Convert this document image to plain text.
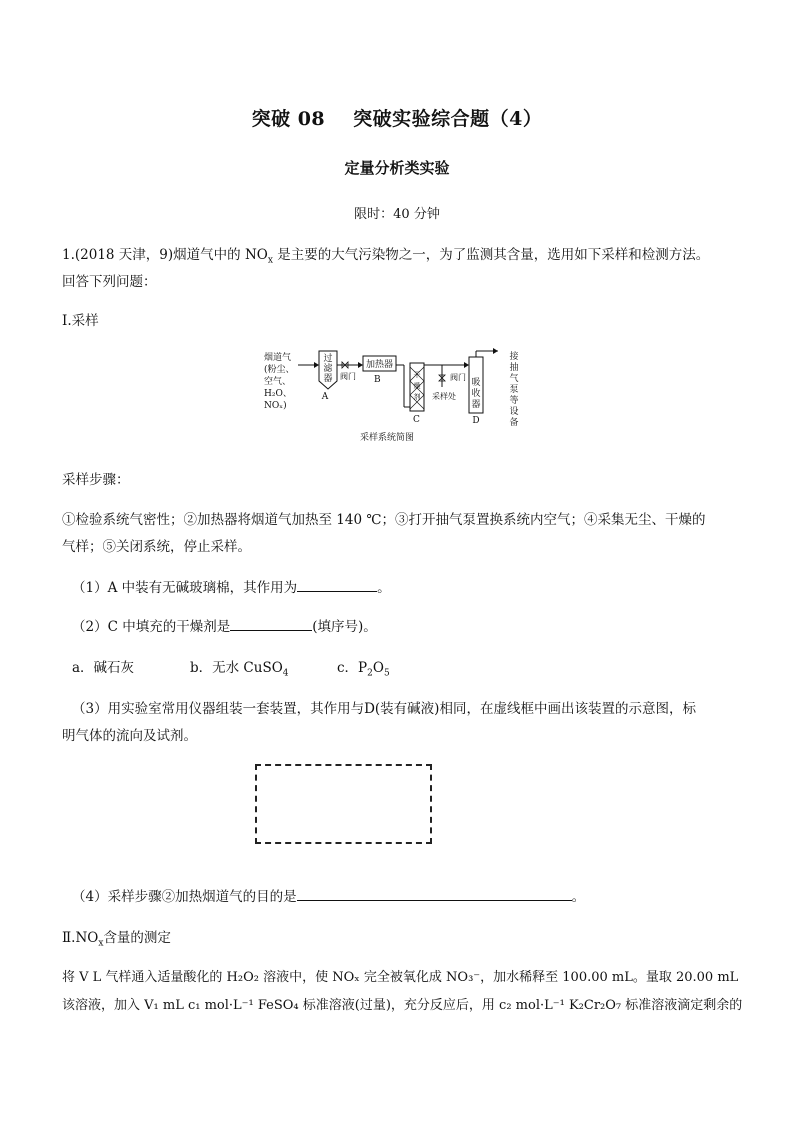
突破 08 突破实验综合题（4）
定量分析类实验
限时：40 分钟
1.(2018 天津，9)烟道气中的 $NO_x$ 是主要的大气污染物之一，为了监测其含量，选用如下采样和检测方法。
回答下列问题：
Ⅰ.采样
烟道气
(粉尘、
空气、
H₂O、
NOₓ)
过
滤
器
A
阀门
加热器
B	干
燥
剂
C
阀门
采样处
吸
收
器
D
接
抽
气
泵
等
设
备
采样系统简图
采样步骤：
①检验系统气密性；②加热器将烟道气加热至 140 ℃；③打开抽气泵置换系统内空气；④采集无尘、干燥的
气样；⑤关闭系统，停止采样。
（1）A 中装有无碱玻璃棉，其作用为	。
（2）C 中填充的干燥剂是	(填序号)。
a．碱石灰	b．无水 CuSO$_4$	c．$P_2O_5$
（3）用实验室常用仪器组装一套装置，其作用与D(装有碱液)相同，在虚线框中画出该装置的示意图，标
明气体的流向及试剂。
（4）采样步骤②加热烟道气的目的是	。
$Ⅱ.NO_x$含量的测定
将 V L 气样通入适量酸化的 H₂O₂ 溶液中，使 NOₓ 完全被氧化成 NO₃⁻，加水稀释至 100.00 mL。量取 20.00 mL
该溶液，加入 V₁ mL c₁ mol·L⁻¹ FeSO₄ 标准溶液(过量)，充分反应后，用 c₂ mol·L⁻¹ K₂Cr₂O₇ 标准溶液滴定剩余的
